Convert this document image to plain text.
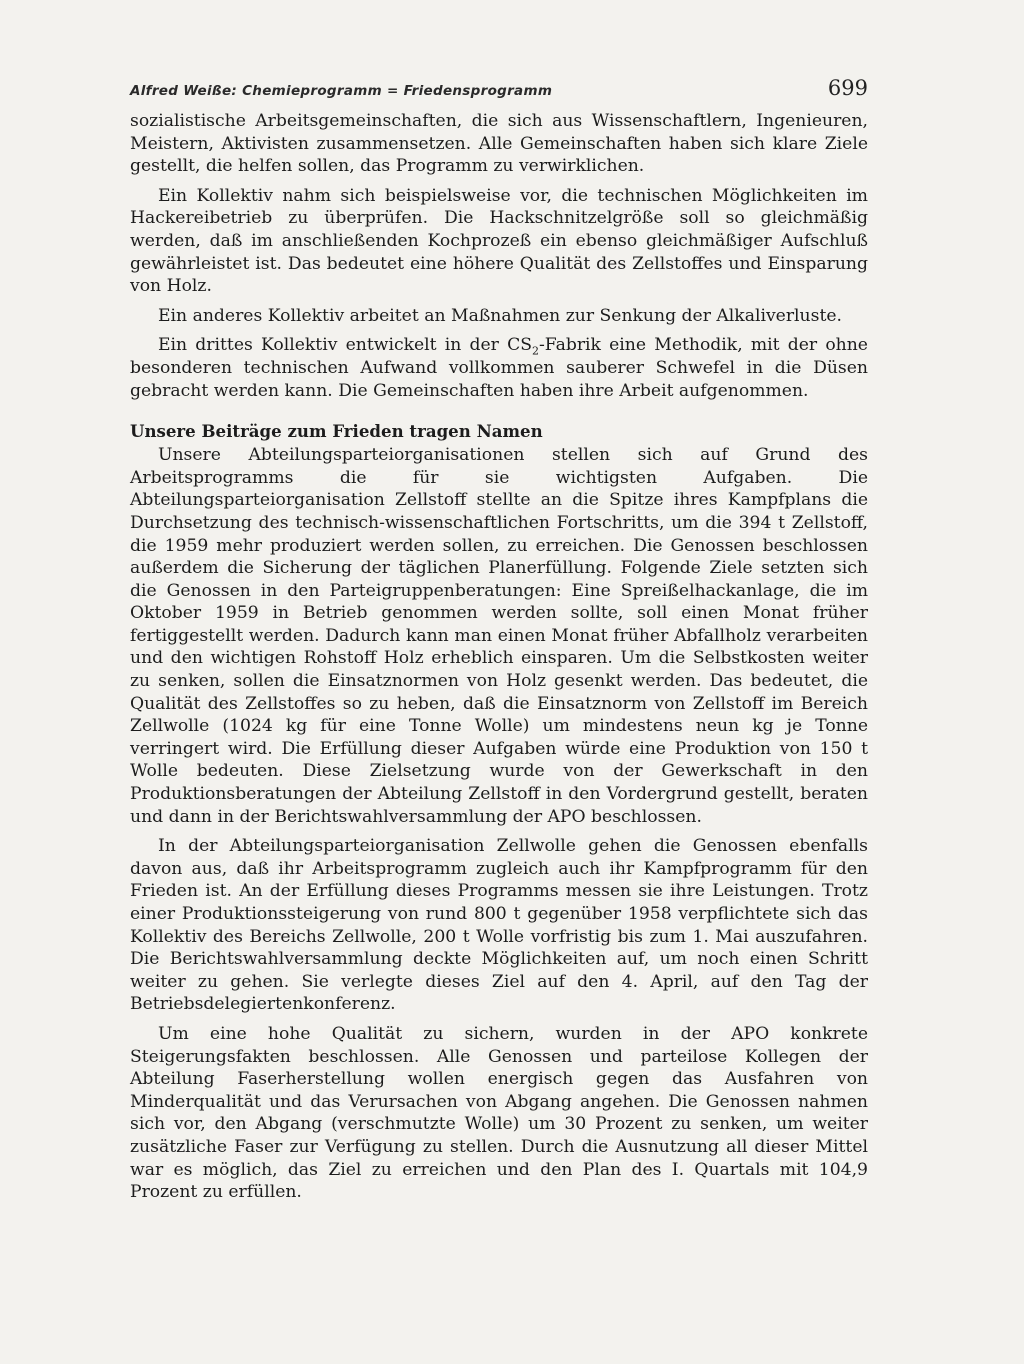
Alfred Weiße: Chemieprogramm = Friedensprogramm	699

sozialistische Arbeitsgemeinschaften, die sich aus Wissenschaftlern, Ingenieuren, Meistern, Aktivisten zusammensetzen. Alle Gemeinschaften haben sich klare Ziele gestellt, die helfen sollen, das Programm zu verwirklichen.

Ein Kollektiv nahm sich beispielsweise vor, die technischen Möglichkeiten im Hackereibetrieb zu überprüfen. Die Hackschnitzelgröße soll so gleichmäßig werden, daß im anschließenden Kochprozeß ein ebenso gleichmäßiger Aufschluß gewährleistet ist. Das bedeutet eine höhere Qualität des Zellstoffes und Einsparung von Holz.

Ein anderes Kollektiv arbeitet an Maßnahmen zur Senkung der Alkaliverluste.

Ein drittes Kollektiv entwickelt in der $CS_2$-Fabrik eine Methodik, mit der ohne besonderen technischen Aufwand vollkommen sauberer Schwefel in die Düsen gebracht werden kann. Die Gemeinschaften haben ihre Arbeit aufgenommen.

Unsere Beiträge zum Frieden tragen Namen

Unsere Abteilungsparteiorganisationen stellen sich auf Grund des Arbeitsprogramms die für sie wichtigsten Aufgaben. Die Abteilungsparteiorganisation Zellstoff stellte an die Spitze ihres Kampfplans die Durchsetzung des technisch-wissenschaftlichen Fortschritts, um die 394 t Zellstoff, die 1959 mehr produziert werden sollen, zu erreichen. Die Genossen beschlossen außerdem die Sicherung der täglichen Planerfüllung. Folgende Ziele setzten sich die Genossen in den Parteigruppenberatungen: Eine Spreißelhackanlage, die im Oktober 1959 in Betrieb genommen werden sollte, soll einen Monat früher fertiggestellt werden. Dadurch kann man einen Monat früher Abfallholz verarbeiten und den wichtigen Rohstoff Holz erheblich einsparen. Um die Selbstkosten weiter zu senken, sollen die Einsatznormen von Holz gesenkt werden. Das bedeutet, die Qualität des Zellstoffes so zu heben, daß die Einsatznorm von Zellstoff im Bereich Zellwolle (1024 kg für eine Tonne Wolle) um mindestens neun kg je Tonne verringert wird. Die Erfüllung dieser Aufgaben würde eine Produktion von 150 t Wolle bedeuten. Diese Zielsetzung wurde von der Gewerkschaft in den Produktionsberatungen der Abteilung Zellstoff in den Vordergrund gestellt, beraten und dann in der Berichtswahlversammlung der APO beschlossen.

In der Abteilungsparteiorganisation Zellwolle gehen die Genossen ebenfalls davon aus, daß ihr Arbeitsprogramm zugleich auch ihr Kampfprogramm für den Frieden ist. An der Erfüllung dieses Programms messen sie ihre Leistungen. Trotz einer Produktionssteigerung von rund 800 t gegenüber 1958 verpflichtete sich das Kollektiv des Bereichs Zellwolle, 200 t Wolle vorfristig bis zum 1. Mai auszufahren. Die Berichtswahlversammlung deckte Möglichkeiten auf, um noch einen Schritt weiter zu gehen. Sie verlegte dieses Ziel auf den 4. April, auf den Tag der Betriebsdelegiertenkonferenz.

Um eine hohe Qualität zu sichern, wurden in der APO konkrete Steigerungsfakten beschlossen. Alle Genossen und parteilose Kollegen der Abteilung Faserherstellung wollen energisch gegen das Ausfahren von Minderqualität und das Verursachen von Abgang angehen. Die Genossen nahmen sich vor, den Abgang (verschmutzte Wolle) um 30 Prozent zu senken, um weiter zusätzliche Faser zur Verfügung zu stellen. Durch die Ausnutzung all dieser Mittel war es möglich, das Ziel zu erreichen und den Plan des I. Quartals mit 104,9 Prozent zu erfüllen.
